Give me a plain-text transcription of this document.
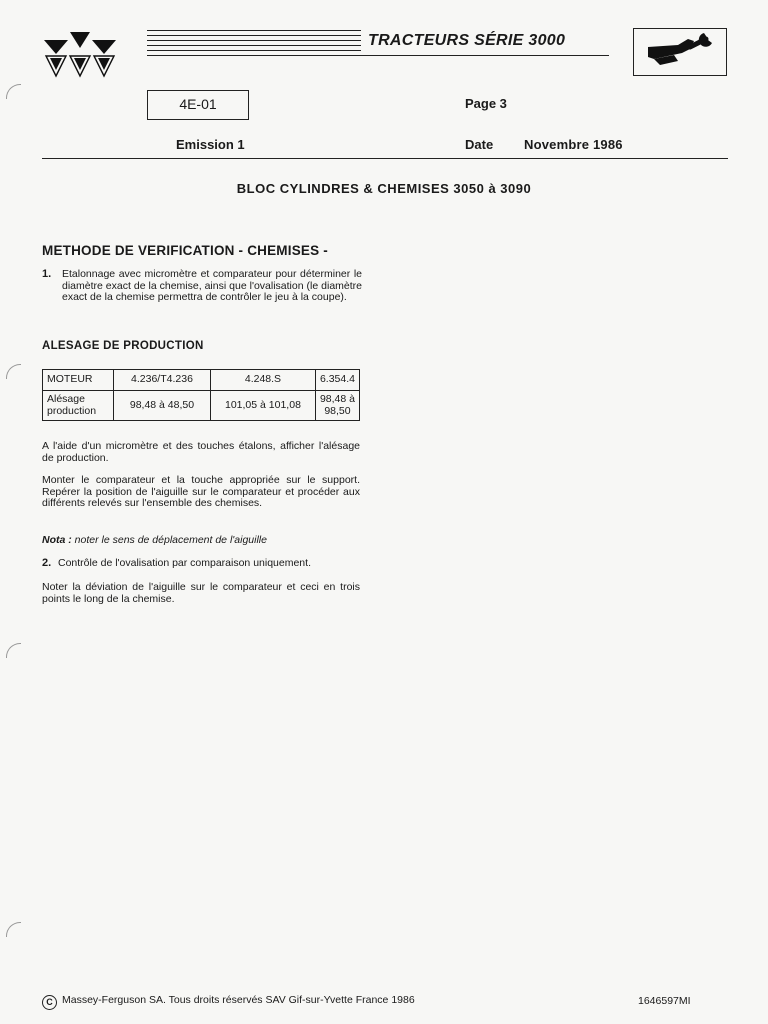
TRACTEURS SÉRIE 3000
4E-01	Page 3
Emission 1	Date Novembre 1986
BLOC CYLINDRES & CHEMISES 3050 à 3090
METHODE DE VERIFICATION - CHEMISES -
1. Etalonnage avec micromètre et comparateur pour déterminer le diamètre exact de la chemise, ainsi que l'ovalisation (le diamètre exact de la chemise permettra de contrôler le jeu à la coupe).
ALESAGE DE PRODUCTION
MOTEUR	4.236/T4.236	4.248.S	6.354.4
Alésage
production	98,48 à 48,50	101,05 à 101,08	98,48 à
98,50
A l'aide d'un micromètre et des touches étalons, afficher l'alésage de production.
Monter le comparateur et la touche appropriée sur le support. Repérer la position de l'aiguille sur le comparateur et procéder aux différents relevés sur l'ensemble des chemises.
Nota : noter le sens de déplacement de l'aiguille
2. Contrôle de l'ovalisation par comparaison uniquement.
Noter la déviation de l'aiguille sur le comparateur et ceci en trois points le long de la chemise.
C Massey-Ferguson SA. Tous droits réservés SAV Gif-sur-Yvette France 1986	1646597MI
